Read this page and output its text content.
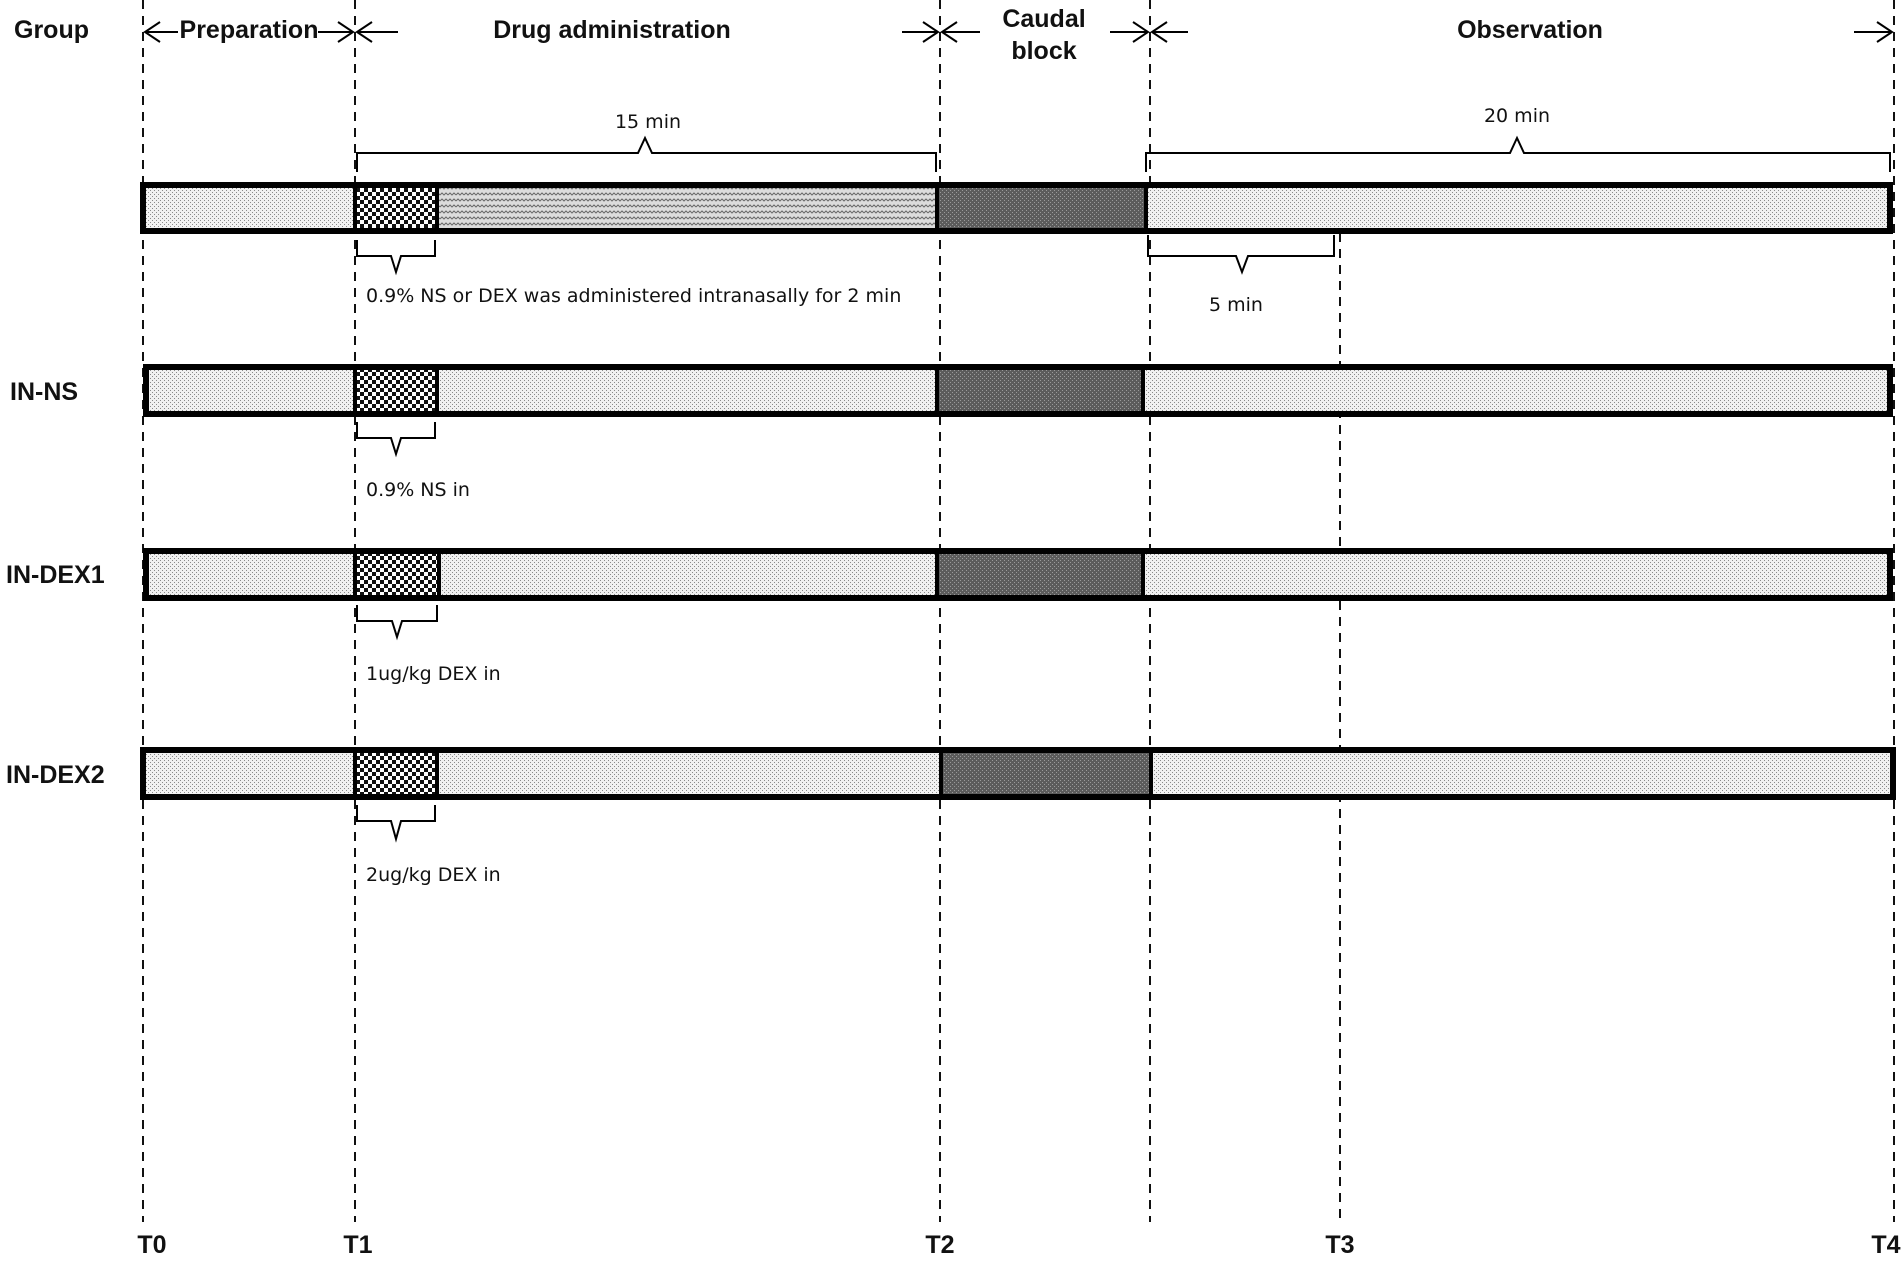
Group	Preparation	Drug administration	Caudal
block
Observation
15 min	20 min
0.9% NS or DEX was administered intranasally for 2 min	5 min
IN-NS
0.9% NS in
IN-DEX1
1ug/kg DEX in
IN-DEX2
2ug/kg DEX in
T0	T1	T2	T3	T4
